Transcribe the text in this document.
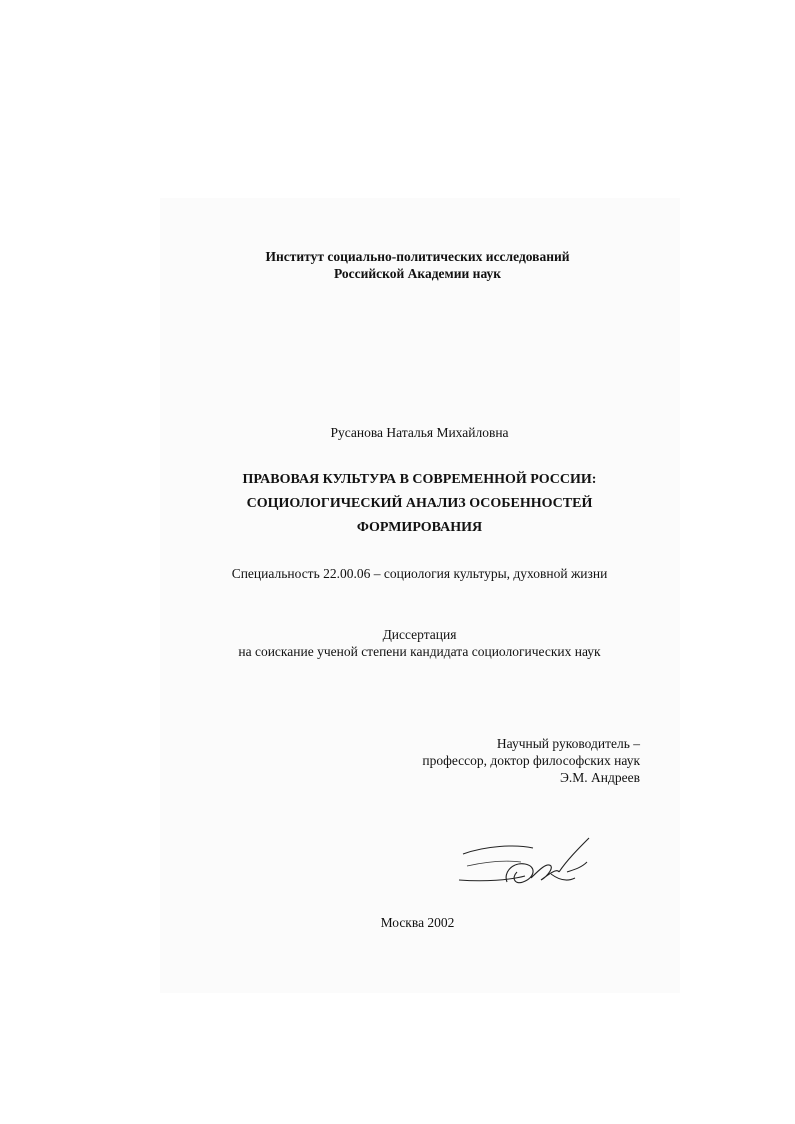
Институт социально-политических исследований
Российской Академии наук
Русанова Наталья Михайловна
ПРАВОВАЯ КУЛЬТУРА В СОВРЕМЕННОЙ РОССИИ:
СОЦИОЛОГИЧЕСКИЙ АНАЛИЗ ОСОБЕННОСТЕЙ
ФОРМИРОВАНИЯ
Специальность 22.00.06 – социология культуры, духовной жизни
Диссертация
на соискание ученой степени кандидата социологических наук
Научный руководитель –
профессор, доктор философских наук
Э.М. Андреев
Москва 2002
